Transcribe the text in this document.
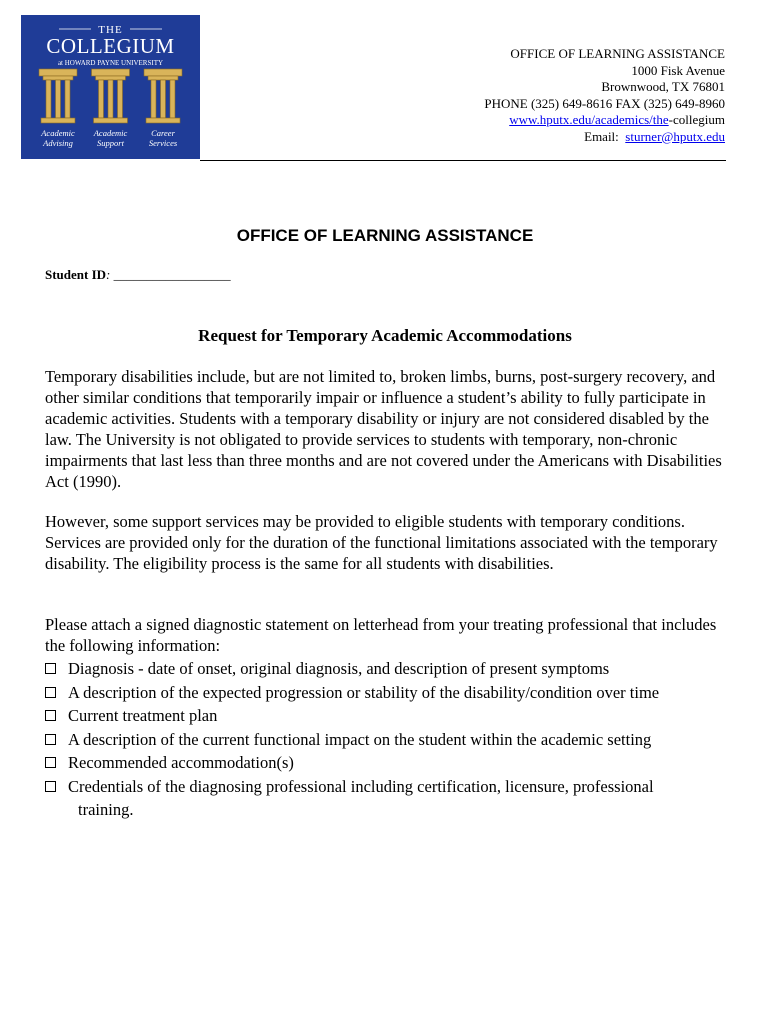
THE
COLLEGIUM
at HOWARD PAYNE UNIVERSITY
Academic
Advising
Academic
Support
Career
Services
OFFICE OF LEARNING ASSISTANCE
1000 Fisk Avenue
Brownwood, TX 76801
PHONE (325) 649-8616 FAX (325) 649-8960
www.hputx.edu/academics/the-collegium
Email:  sturner@hputx.edu
OFFICE OF LEARNING ASSISTANCE
Student ID: __________________
Request for Temporary Academic Accommodations
Temporary disabilities include, but are not limited to, broken limbs, burns, post-surgery recovery, and other similar conditions that temporarily impair or influence a student’s ability to fully participate in academic activities. Students with a temporary disability or injury are not considered disabled by the law. The University is not obligated to provide services to students with temporary, non-chronic impairments that last less than three months and are not covered under the Americans with Disabilities Act (1990).
However, some support services may be provided to eligible students with temporary conditions. Services are provided only for the duration of the functional limitations associated with the temporary disability. The eligibility process is the same for all students with disabilities.
Please attach a signed diagnostic statement on letterhead from your treating professional that includes the following information:
Diagnosis - date of onset, original diagnosis, and description of present symptoms
A description of the expected progression or stability of the disability/condition over time
Current treatment plan
A description of the current functional impact on the student within the academic setting
Recommended accommodation(s)
Credentials of the diagnosing professional including certification, licensure, professional
training.
